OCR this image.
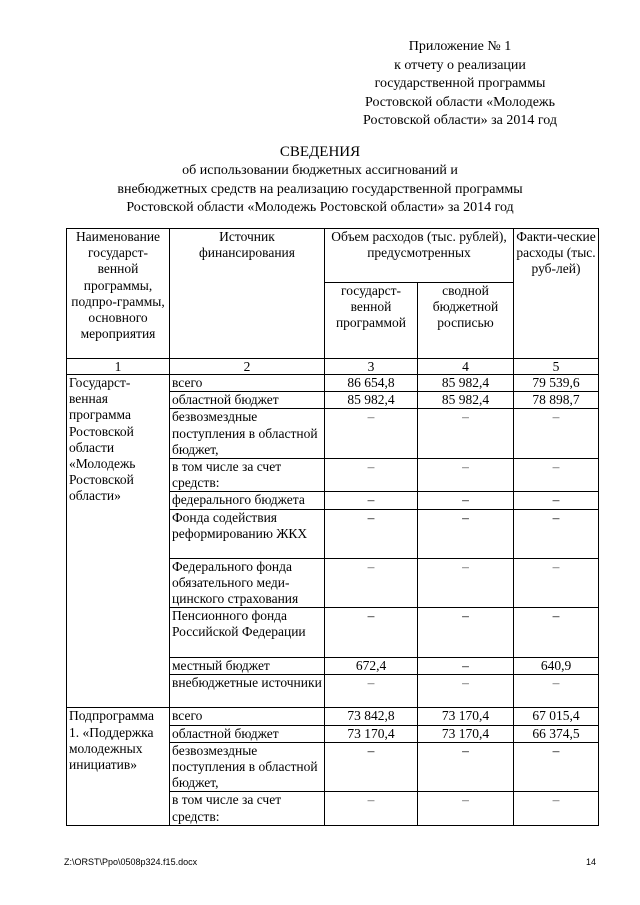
Приложение № 1
к отчету о реализации
государственной программы
Ростовской области «Молодежь
Ростовской области» за 2014 год
СВЕДЕНИЯ
об использовании бюджетных ассигнований и
внебюджетных средств на реализацию государственной программы
Ростовской области «Молодежь Ростовской области» за 2014 год
Наименование государст-венной программы, подпро-граммы, основного мероприятия	Источник финансирования	Объем расходов (тыс. рублей), предусмотренных		Факти-ческие расходы (тыс. руб-лей)
		государст-венной программой	сводной бюджетной росписью	
1	2	3	4	5
Государст-венная программа Ростовской области «Молодежь Ростовской области»	всего	86 654,8	85 982,4	79 539,6
	областной бюджет	85 982,4	85 982,4	78 898,7
	безвозмездные поступления в областной бюджет,	–	–	–
	в том числе за счет средств:	–	–	–
	федерального бюджета	–	–	–
	Фонда содействия реформированию ЖКХ	–	–	–
	Федерального фонда обязательного меди-цинского страхования	–	–	–
	Пенсионного фонда Российской Федерации	–	–	–
	местный бюджет	672,4	–	640,9
	внебюджетные источники	–	–	–
Подпрограмма 1. «Поддержка молодежных инициатив»	всего	73 842,8	73 170,4	67 015,4
	областной бюджет	73 170,4	73 170,4	66 374,5
	безвозмездные поступления в областной бюджет,	–	–	–
	в том числе за счет средств:	–	–	–
Z:\ORST\Ppo\0508p324.f15.docx	14
